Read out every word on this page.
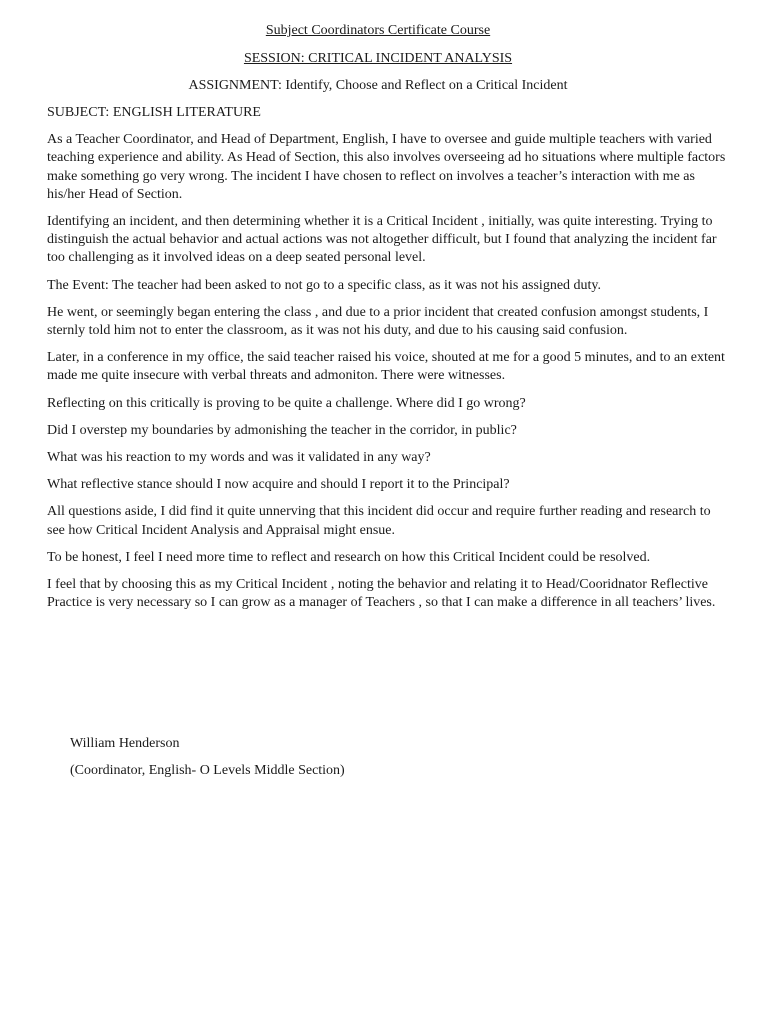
Subject Coordinators Certificate Course

SESSION: CRITICAL INCIDENT ANALYSIS

ASSIGNMENT: Identify, Choose and Reflect on a Critical Incident

SUBJECT: ENGLISH LITERATURE

As a Teacher Coordinator, and Head of Department, English, I have to oversee and guide multiple teachers with varied teaching experience and ability. As Head of Section, this also involves overseeing ad ho situations where multiple factors make something go very wrong. The incident I have chosen to reflect on involves a teacher’s interaction with me as his/her Head of Section.

Identifying an incident, and then determining whether it is a Critical Incident , initially, was quite interesting. Trying to distinguish the actual behavior and actual actions was not altogether difficult, but I found that analyzing the incident far too challenging as it involved ideas on a deep seated personal level.

The Event: The teacher had been asked to not go to a specific class, as it was not his assigned duty.

He went, or seemingly began entering the class , and due to a prior incident that created confusion amongst students, I sternly told him not to enter the classroom, as it was not his duty, and due to his causing said confusion.

Later, in a conference in my office, the said teacher raised his voice, shouted at me for a good 5 minutes, and to an extent made me quite insecure with verbal threats and admoniton. There were witnesses.

Reflecting on this critically is proving to be quite a challenge. Where did I go wrong?

Did I overstep my boundaries by admonishing the teacher in the corridor, in public?

What was his reaction to my words and was it validated in any way?

What reflective stance should I now acquire and should I report it to the Principal?

All questions aside, I did find it quite unnerving that this incident did occur and require further reading and research to see how Critical Incident Analysis and Appraisal might ensue.

To be honest, I feel I need more time to reflect and research on how this Critical Incident could be resolved.

I feel that by choosing this as my Critical Incident , noting the behavior and relating it to Head/Cooridnator Reflective Practice is very necessary so I can grow as a manager of Teachers , so that I can make a difference in all teachers’ lives.

William Henderson

(Coordinator, English- O Levels Middle Section)
